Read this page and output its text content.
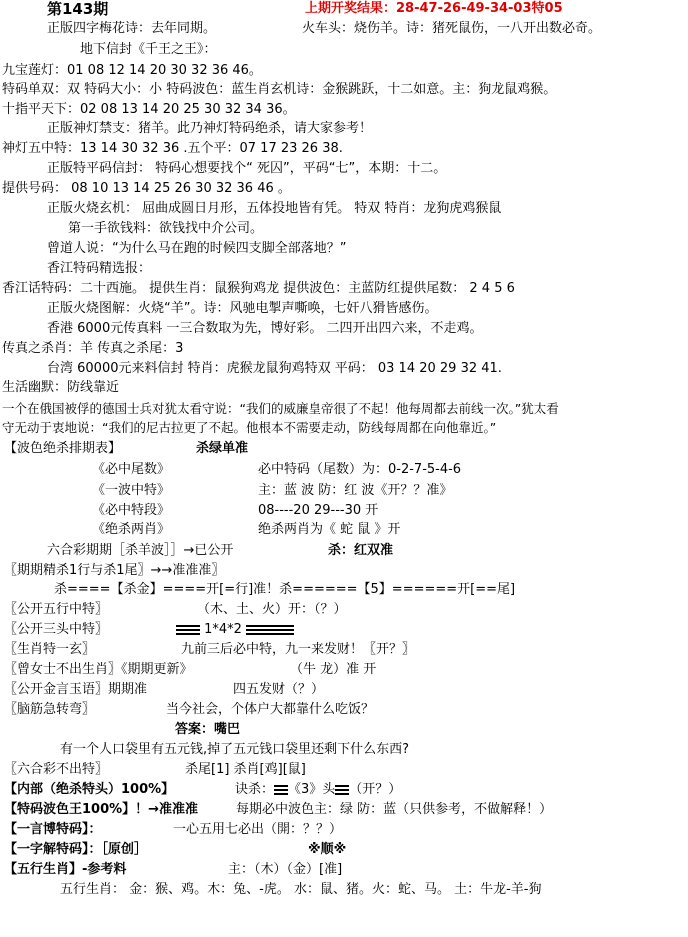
第143期	上期开奖结果：28-47-26-49-34-03特05
正版四字梅花诗：去年同期。	火车头：烧伤羊。诗：猪死鼠伤，一八开出数必奇。
地下信封《千王之王》：
九宝莲灯：01 08 12 14 20 30 32 36 46。
特码单双：双 特码大小：小 特码波色：蓝生肖玄机诗：金猴跳跃，十二如意。主：狗龙鼠鸡猴。
十指平天下：02 08 13 14 20 25 30 32 34 36。
正版神灯禁支：猪羊。此乃神灯特码绝杀，请大家参考！
神灯五中特：13 14 30 32 36 .五个平：07 17 23 26 38.
正版特平码信封： 特码心想要找个“ 死囚”，平码“七”，本期：十二。
提供号码： 08 10 13 14 25 26 30 32 36 46 。
正版火烧玄机： 屈曲成圆日月形，五体投地皆有凭。 特双 特肖：龙狗虎鸡猴鼠
第一手欲钱料：欲钱找中介公司。
曾道人说：“为什么马在跑的时候四支脚全部落地？”
香江特码精选报：
香江话特码：二十西施。 提供生肖：鼠猴狗鸡龙 提供波色：主蓝防红提供尾数： 2 4 5 6
正版火烧图解：火烧“羊”。诗：风驰电掣声嘶唤，七奸八猾皆感伤。
香港 6000元传真料 一三合数取为先，博好彩。 二四开出四六来，不走鸡。
传真之杀肖：羊 传真之杀尾：3
台湾 60000元来料信封 特肖：虎猴龙鼠狗鸡特双 平码： 03 14 20 29 32 41.
生活幽默：防线靠近
一个在俄国被俘的德国士兵对犹太看守说：“我们的威廉皇帝很了不起！他每周都去前线一次。”犹太看
守无动于衷地说：“我们的尼古拉更了不起。他根本不需要走动，防线每周都在向他靠近。”
【波色绝杀排期表】	杀绿单准
《必中尾数》	必中特码（尾数）为：0-2-7-5-4-6
《一波中特》	主：蓝 波 防：红 波《开？？准》
《必中特段》	08----20 29---30 开
《绝杀两肖》	绝杀两肖为《 蛇 鼠 》开
六合彩期期［杀羊波］］→已公开	杀：红双准
〖期期精杀1行与杀1尾〗→→准准准〗
杀====【杀金】====开[=行]准！杀======【5】======开[==尾]
〖公开五行中特〗	（木、土、火）开：（？）
〖公开三头中特〗	1*4*2
〖生肖特一玄〗	九前三后必中特，九一来发财！〖开？〗
〖曾女士不出生肖〗《期期更新》	（牛 龙）准 开
〖公开金言玉语〗期期准	四五发财（？）
〖脑筋急转弯〗	当今社会，个体户大都靠什么吃饭？
答案：嘴巴
有一个人口袋里有五元钱,掉了五元钱口袋里还剩下什么东西?
〖六合彩不出特〗	杀尾[1] 杀肖[鸡][鼠]
【内部（绝杀特头）100%】	诀杀： 《3》头 （开？）
【特码波色王100%】！→准准准	每期必中波色主：绿 防：蓝（只供参考，不做解释！）
【一言博特码】：	一心五用七必出（開：？？）
【一字解特码】：［原创］	※顺※
【五行生肖】-参考料	主：（木）（金）[准]
五行生肖： 金：猴、鸡。木：兔、-虎。 水：鼠、猪。火：蛇、马。 土：牛龙-羊-狗
